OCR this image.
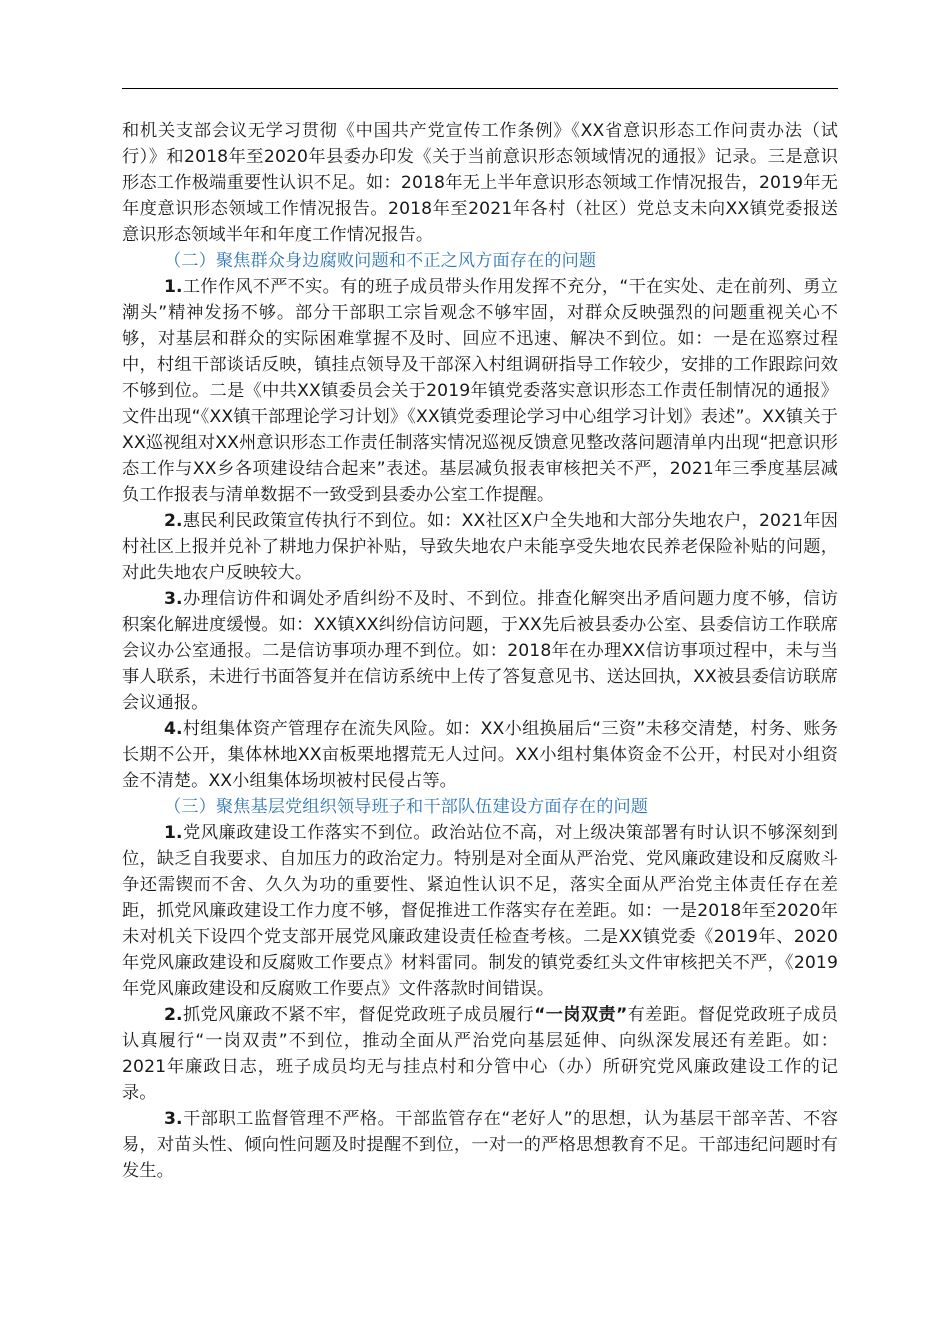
和机关支部会议无学习贯彻《中国共产党宣传工作条例》《XX省意识形态工作问责办法（试行）》和2018年至2020年县委办印发《关于当前意识形态领域情况的通报》记录。三是意识形态工作极端重要性认识不足。如：2018年无上半年意识形态领域工作情况报告，2019年无年度意识形态领域工作情况报告。2018年至2021年各村（社区）党总支未向XX镇党委报送意识形态领域半年和年度工作情况报告。

（二）聚焦群众身边腐败问题和不正之风方面存在的问题

1.工作作风不严不实。有的班子成员带头作用发挥不充分，“干在实处、走在前列、勇立潮头”精神发扬不够。部分干部职工宗旨观念不够牢固，对群众反映强烈的问题重视关心不够，对基层和群众的实际困难掌握不及时、回应不迅速、解决不到位。如：一是在巡察过程中，村组干部谈话反映，镇挂点领导及干部深入村组调研指导工作较少，安排的工作跟踪问效不够到位。二是《中共XX镇委员会关于2019年镇党委落实意识形态工作责任制情况的通报》文件出现“《XX镇干部理论学习计划》《XX镇党委理论学习中心组学习计划》表述”。XX镇关于XX巡视组对XX州意识形态工作责任制落实情况巡视反馈意见整改落问题清单内出现“把意识形态工作与XX乡各项建设结合起来”表述。基层减负报表审核把关不严，2021年三季度基层减负工作报表与清单数据不一致受到县委办公室工作提醒。

2.惠民利民政策宣传执行不到位。如：XX社区X户全失地和大部分失地农户，2021年因村社区上报并兑补了耕地力保护补贴，导致失地农户未能享受失地农民养老保险补贴的问题，对此失地农户反映较大。

3.办理信访件和调处矛盾纠纷不及时、不到位。排查化解突出矛盾问题力度不够，信访积案化解进度缓慢。如：XX镇XX纠纷信访问题，于XX先后被县委办公室、县委信访工作联席会议办公室通报。二是信访事项办理不到位。如：2018年在办理XX信访事项过程中，未与当事人联系，未进行书面答复并在信访系统中上传了答复意见书、送达回执，XX被县委信访联席会议通报。

4.村组集体资产管理存在流失风险。如：XX小组换届后“三资”未移交清楚，村务、账务长期不公开，集体林地XX亩板栗地撂荒无人过问。XX小组村集体资金不公开，村民对小组资金不清楚。XX小组集体场坝被村民侵占等。

（三）聚焦基层党组织领导班子和干部队伍建设方面存在的问题

1.党风廉政建设工作落实不到位。政治站位不高，对上级决策部署有时认识不够深刻到位，缺乏自我要求、自加压力的政治定力。特别是对全面从严治党、党风廉政建设和反腐败斗争还需锲而不舍、久久为功的重要性、紧迫性认识不足，落实全面从严治党主体责任存在差距，抓党风廉政建设工作力度不够，督促推进工作落实存在差距。如：一是2018年至2020年未对机关下设四个党支部开展党风廉政建设责任检查考核。二是XX镇党委《2019年、2020年党风廉政建设和反腐败工作要点》材料雷同。制发的镇党委红头文件审核把关不严，《2019年党风廉政建设和反腐败工作要点》文件落款时间错误。

2.抓党风廉政不紧不牢，督促党政班子成员履行“一岗双责”有差距。督促党政班子成员认真履行“一岗双责”不到位，推动全面从严治党向基层延伸、向纵深发展还有差距。如：2021年廉政日志，班子成员均无与挂点村和分管中心（办）所研究党风廉政建设工作的记录。

3.干部职工监督管理不严格。干部监管存在“老好人”的思想，认为基层干部辛苦、不容易，对苗头性、倾向性问题及时提醒不到位，一对一的严格思想教育不足。干部违纪问题时有发生。
